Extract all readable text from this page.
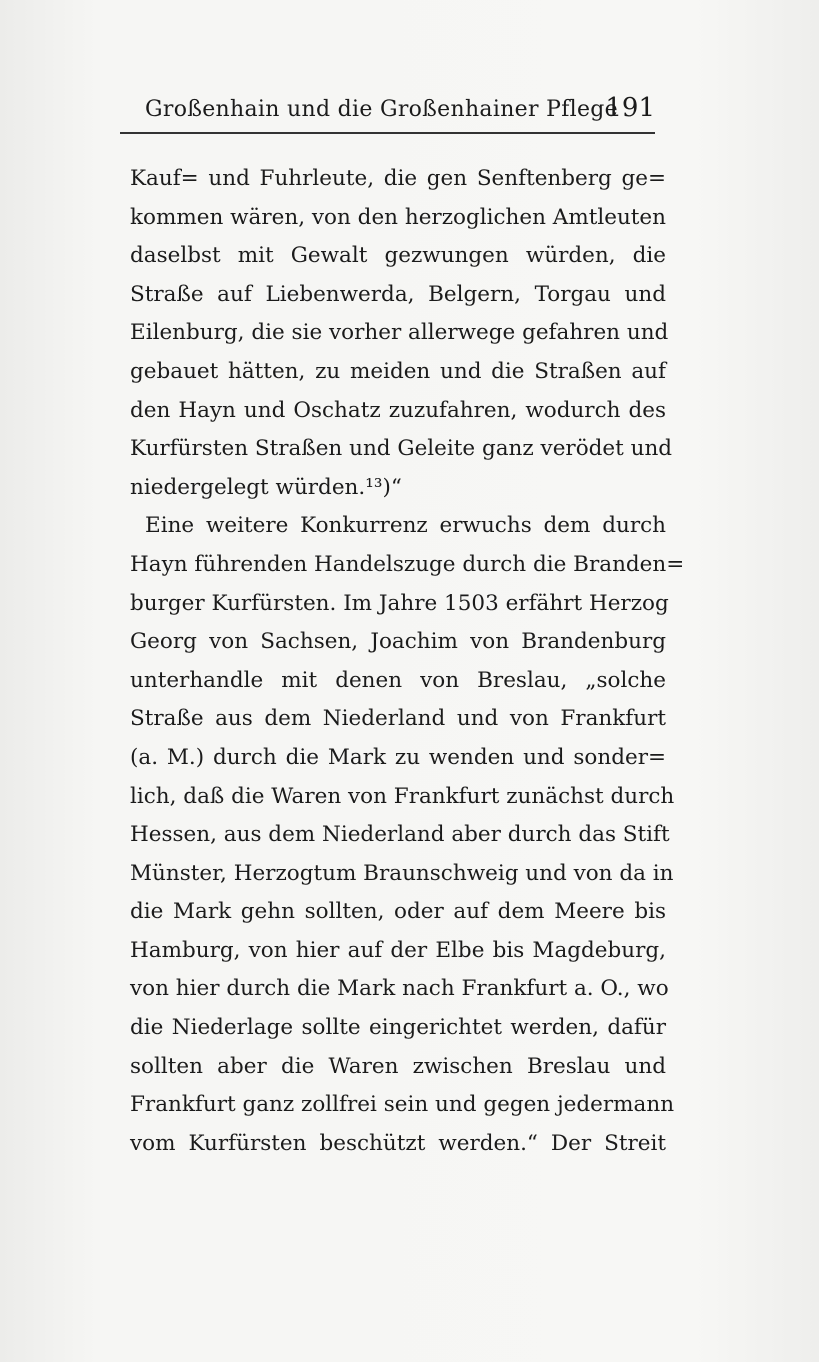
Großenhain und die Großenhainer Pflege
191
Kauf= und Fuhrleute, die gen Senftenberg ge=
kommen wären, von den herzoglichen Amtleuten
daselbst mit Gewalt gezwungen würden, die
Straße auf Liebenwerda, Belgern, Torgau und
Eilenburg, die sie vorher allerwege gefahren und
gebauet hätten, zu meiden und die Straßen auf
den Hayn und Oschatz zuzufahren, wodurch des
Kurfürsten Straßen und Geleite ganz verödet und
niedergelegt würden.¹³)“
Eine weitere Konkurrenz erwuchs dem durch
Hayn führenden Handelszuge durch die Branden=
burger Kurfürsten. Im Jahre 1503 erfährt Herzog
Georg von Sachsen, Joachim von Brandenburg
unterhandle mit denen von Breslau, „solche
Straße aus dem Niederland und von Frankfurt
(a. M.) durch die Mark zu wenden und sonder=
lich, daß die Waren von Frankfurt zunächst durch
Hessen, aus dem Niederland aber durch das Stift
Münster, Herzogtum Braunschweig und von da in
die Mark gehn sollten, oder auf dem Meere bis
Hamburg, von hier auf der Elbe bis Magdeburg,
von hier durch die Mark nach Frankfurt a. O., wo
die Niederlage sollte eingerichtet werden, dafür
sollten aber die Waren zwischen Breslau und
Frankfurt ganz zollfrei sein und gegen jedermann
vom Kurfürsten beschützt werden.“ Der Streit
